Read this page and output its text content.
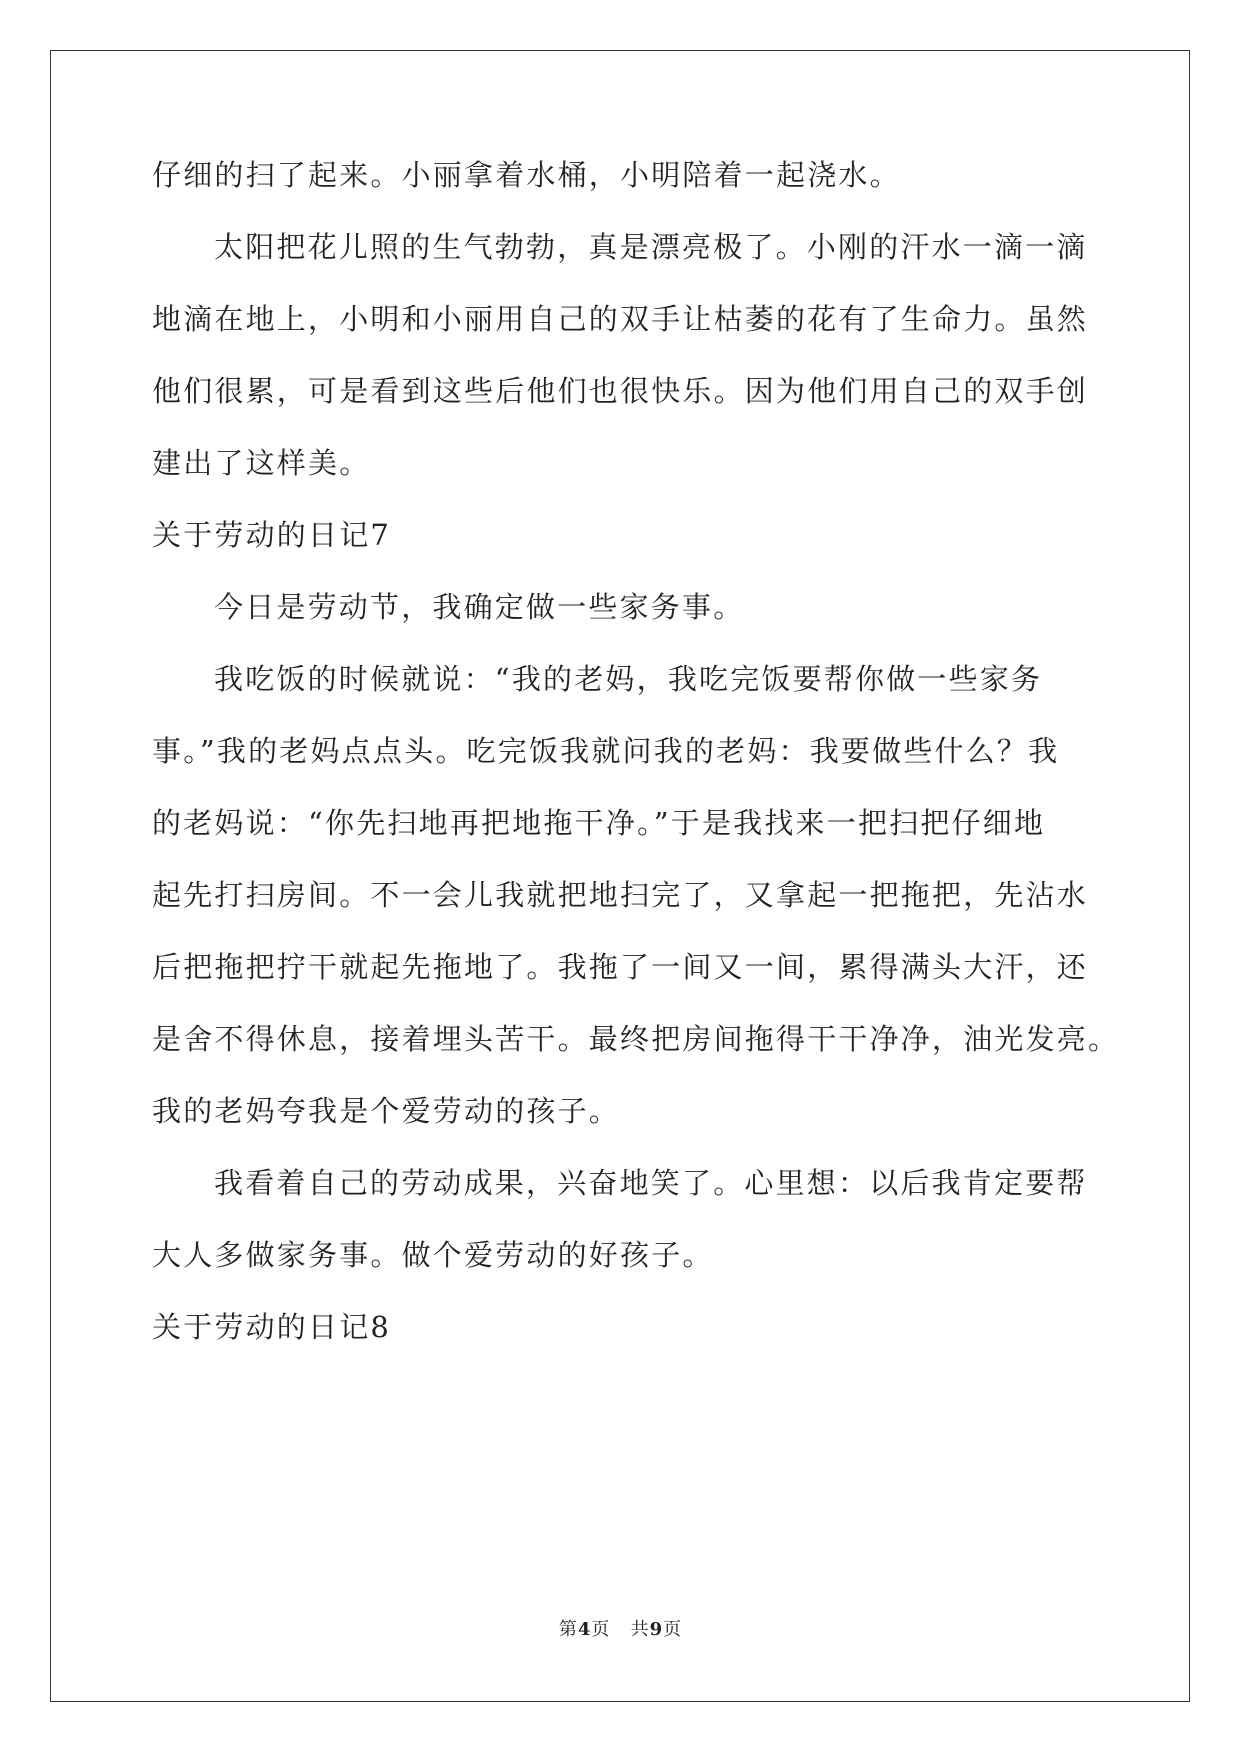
仔细的扫了起来。小丽拿着水桶，小明陪着一起浇水。
太阳把花儿照的生气勃勃，真是漂亮极了。小刚的汗水一滴一滴
地滴在地上，小明和小丽用自己的双手让枯萎的花有了生命力。虽然
他们很累，可是看到这些后他们也很快乐。因为他们用自己的双手创
建出了这样美。
关于劳动的日记7
今日是劳动节，我确定做一些家务事。
我吃饭的时候就说：“我的老妈，我吃完饭要帮你做一些家务
事。”我的老妈点点头。吃完饭我就问我的老妈：我要做些什么？我
的老妈说：“你先扫地再把地拖干净。”于是我找来一把扫把仔细地
起先打扫房间。不一会儿我就把地扫完了，又拿起一把拖把，先沾水
后把拖把拧干就起先拖地了。我拖了一间又一间，累得满头大汗，还
是舍不得休息，接着埋头苦干。最终把房间拖得干干净净，油光发亮。
我的老妈夸我是个爱劳动的孩子。
我看着自己的劳动成果，兴奋地笑了。心里想：以后我肯定要帮
大人多做家务事。做个爱劳动的好孩子。
关于劳动的日记8
第4页 共9页
